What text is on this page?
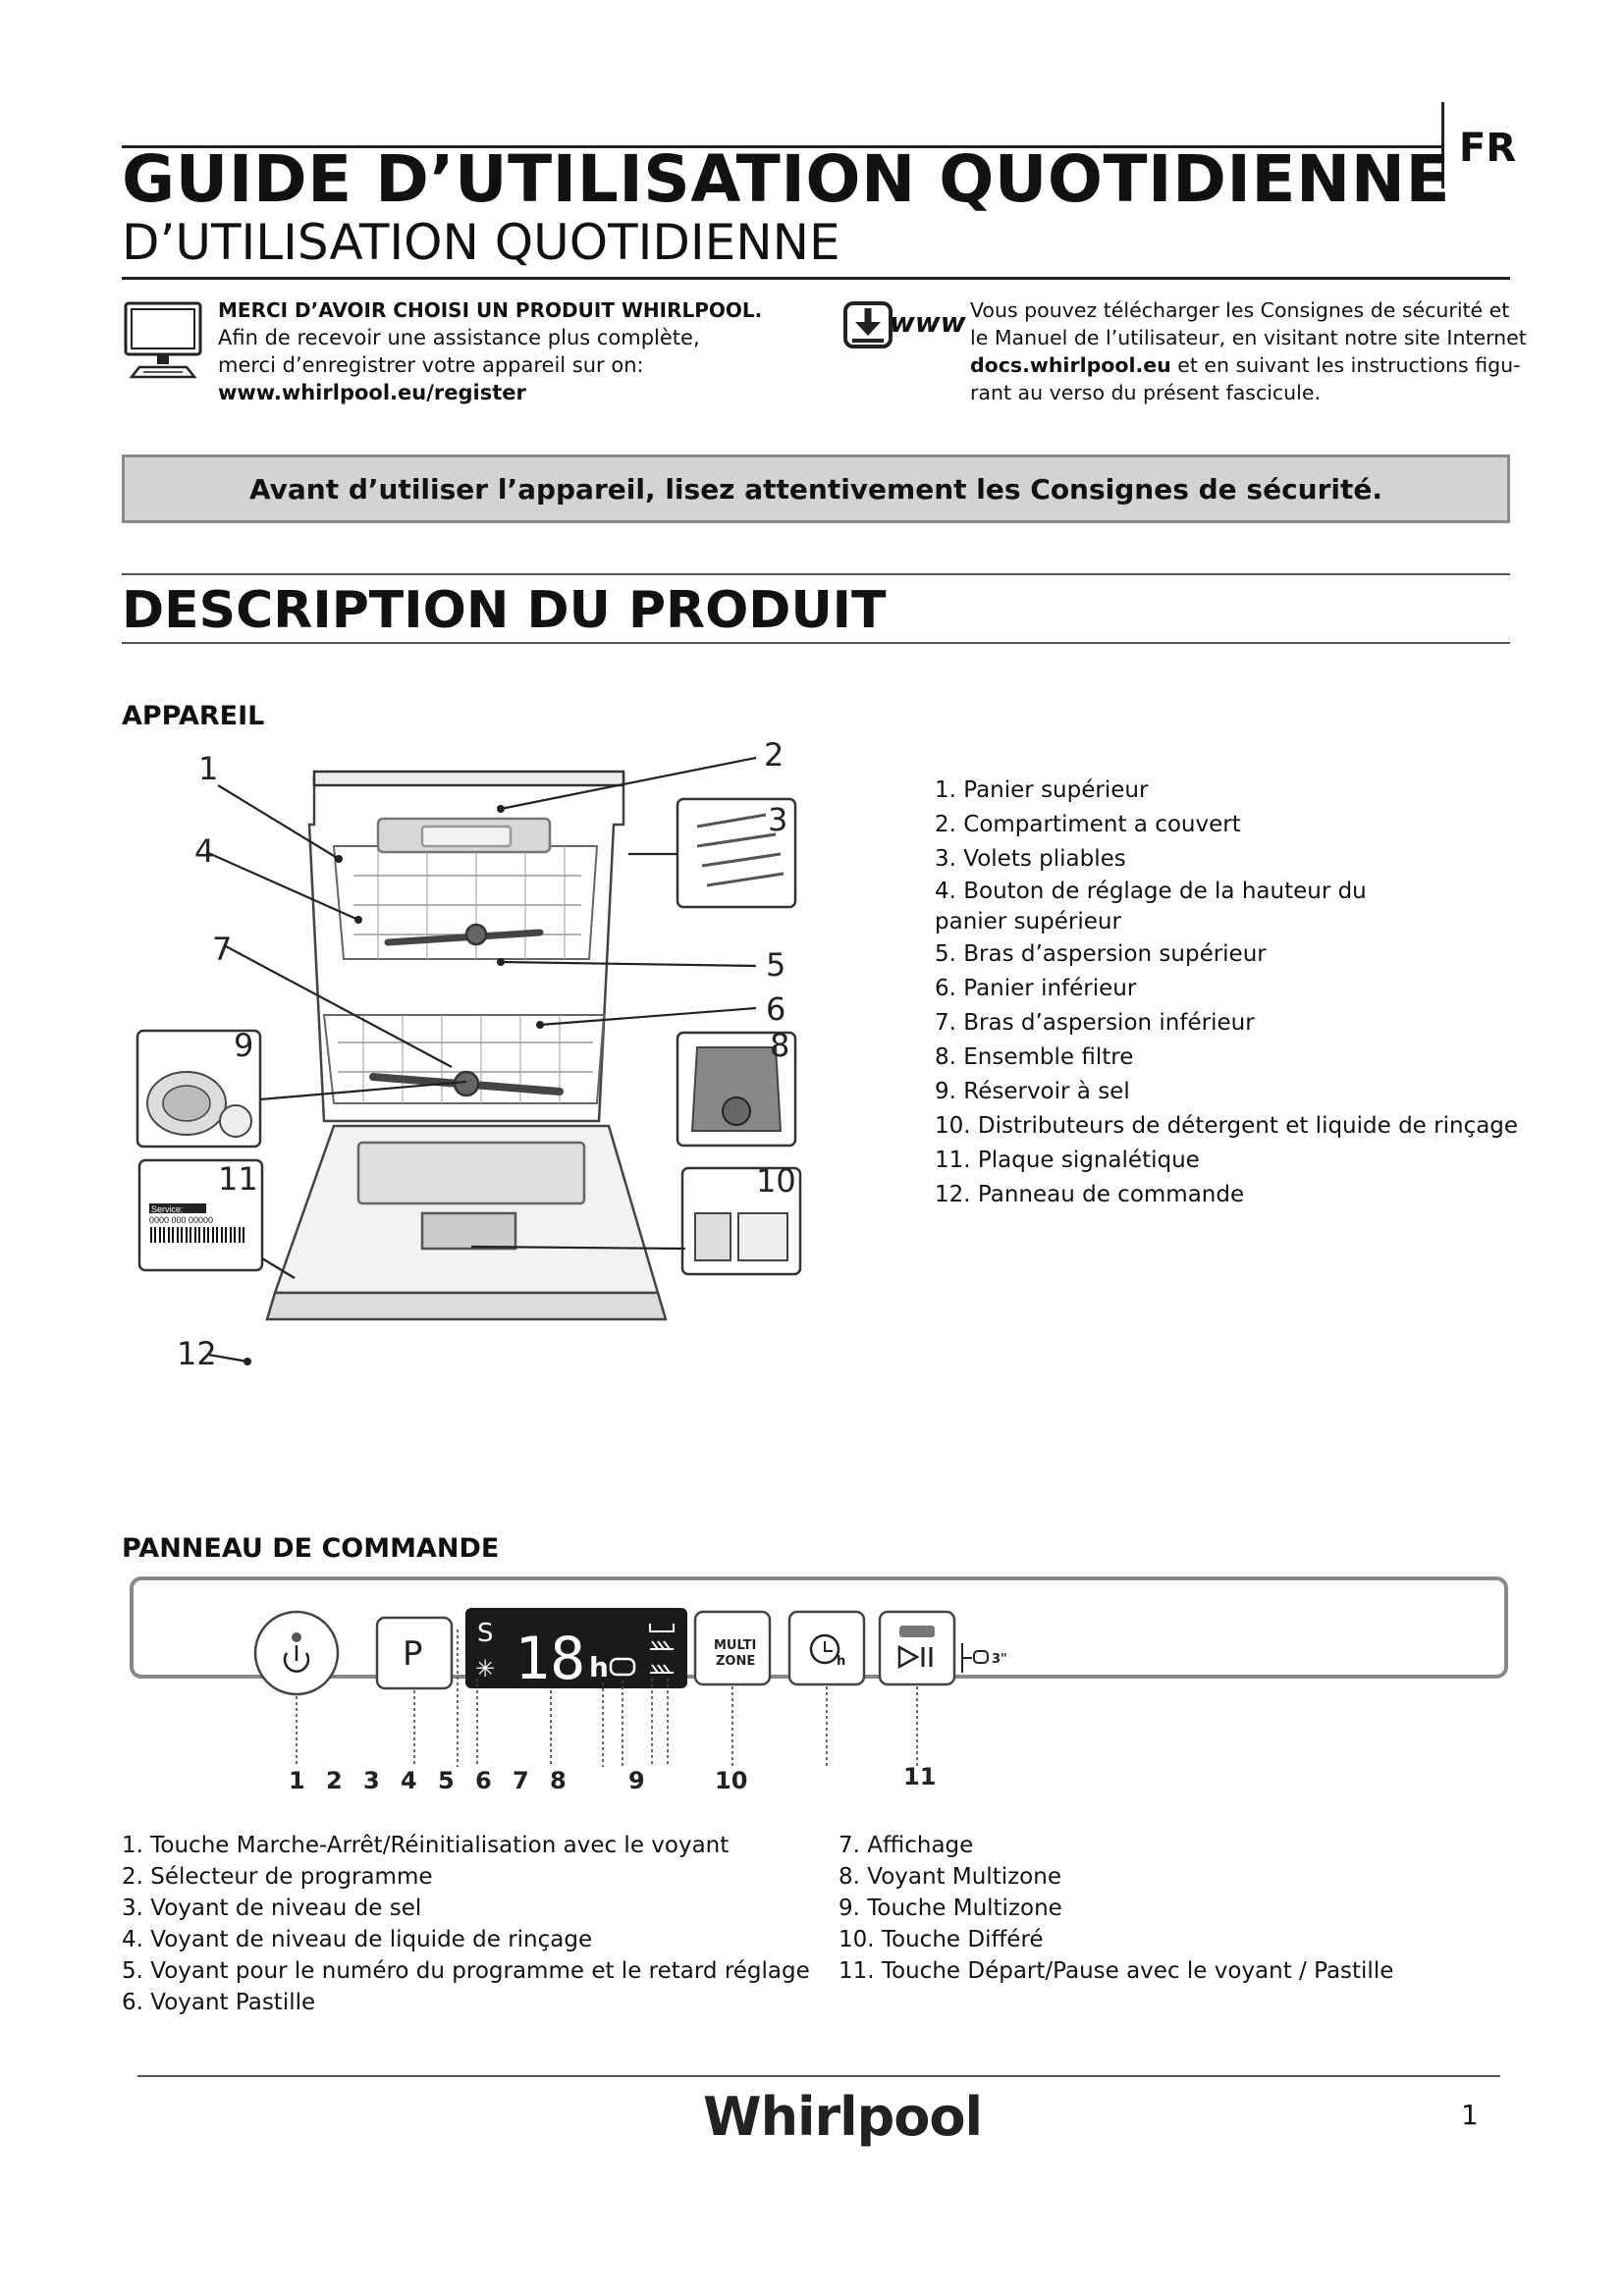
FR
GUIDE D’UTILISATION QUOTIDIENNE
D’UTILISATION QUOTIDIENNE
MERCI D’AVOIR CHOISI UN PRODUIT WHIRLPOOL.
Afin de recevoir une assistance plus complète,
merci d’enregistrer votre appareil sur on:
www.whirlpool.eu/register
www Vous pouvez télécharger les Consignes de sécurité et
le Manuel de l’utilisateur, en visitant notre site Internet
docs.whirlpool.eu et en suivant les instructions figu-
rant au verso du présent fascicule.
Avant d’utiliser l’appareil, lisez attentivement les Consignes de sécurité.
DESCRIPTION DU PRODUIT
APPAREIL
Service:
0000 000 00000
1	2
3
4
5
6
7
8
9
10
11
12
1. Panier supérieur
2. Compartiment a couvert
3. Volets pliables
4. Bouton de réglage de la hauteur du panier supérieur
5. Bras d’aspersion supérieur
6. Panier inférieur
7. Bras d’aspersion inférieur
8. Ensemble filtre
9. Réservoir à sel
10. Distributeurs de détergent et liquide de rinçage
11. Plaque signalétique
12. Panneau de commande
PANNEAU DE COMMANDE
P
S
✳ 18 h
MULTI
ZONE	h	3"
1 2 3 4 5 6 7 8	9	10	11
1. Touche Marche-Arrêt/Réinitialisation avec le voyant
2. Sélecteur de programme
3. Voyant de niveau de sel
4. Voyant de niveau de liquide de rinçage
5. Voyant pour le numéro du programme et le retard réglage
6. Voyant Pastille
7. Affichage
8. Voyant Multizone
9. Touche Multizone
10. Touche Différé
11. Touche Départ/Pause avec le voyant / Pastille
Whirlpool	1
